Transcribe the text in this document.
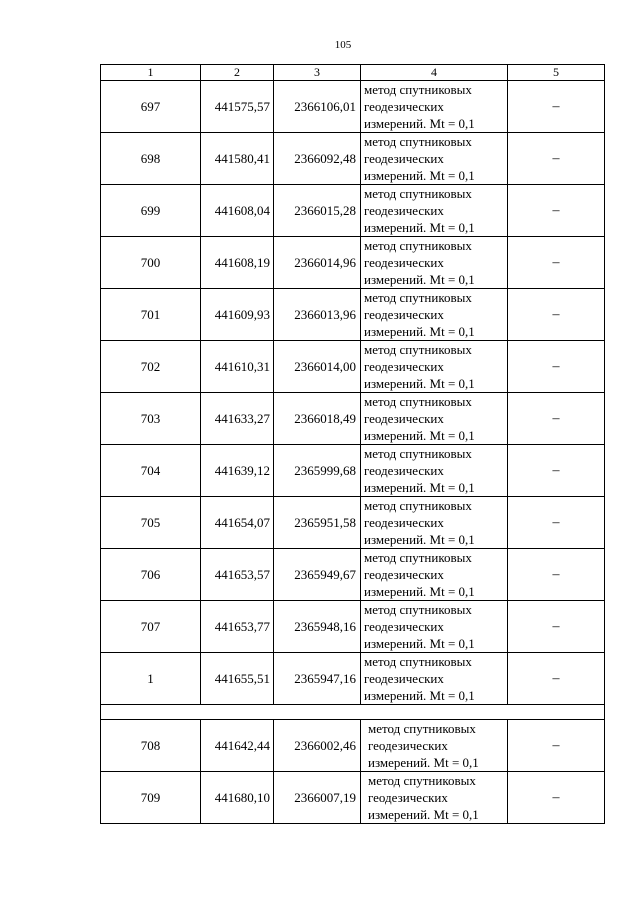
105
1	2	3	4	5
697	441575,57	2366106,01	метод спутниковых
геодезических
измерений. Mt = 0,1	–
698	441580,41	2366092,48	метод спутниковых
геодезических
измерений. Mt = 0,1	–
699	441608,04	2366015,28	метод спутниковых
геодезических
измерений. Mt = 0,1	–
700	441608,19	2366014,96	метод спутниковых
геодезических
измерений. Mt = 0,1	–
701	441609,93	2366013,96	метод спутниковых
геодезических
измерений. Mt = 0,1	–
702	441610,31	2366014,00	метод спутниковых
геодезических
измерений. Mt = 0,1	–
703	441633,27	2366018,49	метод спутниковых
геодезических
измерений. Mt = 0,1	–
704	441639,12	2365999,68	метод спутниковых
геодезических
измерений. Mt = 0,1	–
705	441654,07	2365951,58	метод спутниковых
геодезических
измерений. Mt = 0,1	–
706	441653,57	2365949,67	метод спутниковых
геодезических
измерений. Mt = 0,1	–
707	441653,77	2365948,16	метод спутниковых
геодезических
измерений. Mt = 0,1	–
1	441655,51	2365947,16	метод спутниковых
геодезических
измерений. Mt = 0,1	–

708	441642,44	2366002,46	метод спутниковых
геодезических
измерений. Mt = 0,1	–
709	441680,10	2366007,19	метод спутниковых
геодезических
измерений. Mt = 0,1	–
